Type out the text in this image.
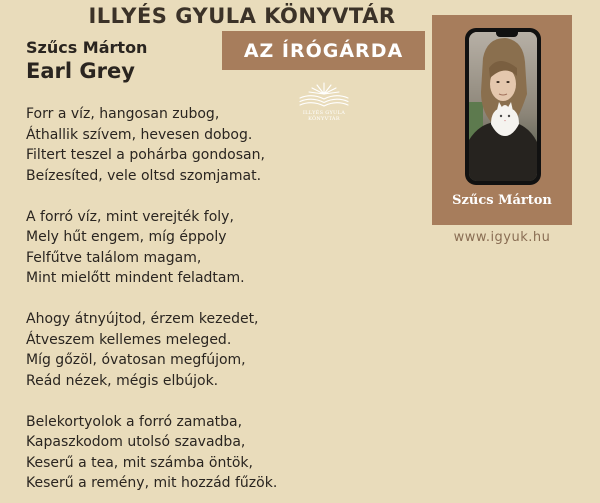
ILLYÉS GYULA KÖNYVTÁR
Szűcs Márton
Earl Grey
AZ ÍRÓGÁRDA
ILLYÉS GYULA
KÖNYVTÁR
Forr a víz, hangosan zubog,
Áthallik szívem, hevesen dobog.
Filtert teszel a pohárba gondosan,
Beízesíted, vele oltsd szomjamat.
A forró víz, mint verejték foly,
Mely hűt engem, míg éppoly
Felfűtve találom magam,
Mint mielőtt mindent feladtam.
Ahogy átnyújtod, érzem kezedet,
Átveszem kellemes meleged.
Míg gőzöl, óvatosan megfújom,
Reád nézek, mégis elbújok.
Belekortyolok a forró zamatba,
Kapaszkodom utolsó szavadba,
Keserű a tea, mit számba öntök,
Keserű a remény, mit hozzád fűzök.
Szűcs Márton
www.igyuk.hu
